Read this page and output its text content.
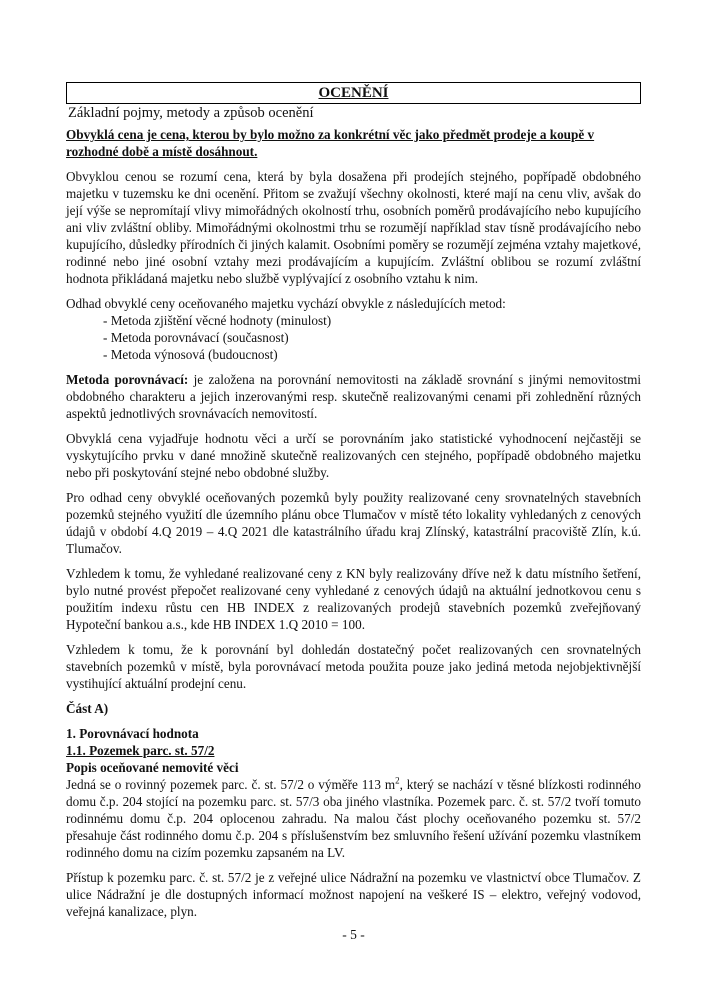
OCENĚNÍ
Základní pojmy, metody a způsob ocenění
Obvyklá cena je cena, kterou by bylo možno za konkrétní věc jako předmět prodeje a koupě v rozhodné době a místě dosáhnout.

Obvyklou cenou se rozumí cena, která by byla dosažena při prodejích stejného, popřípadě obdobného majetku v tuzemsku ke dni ocenění. Přitom se zvažují všechny okolnosti, které mají na cenu vliv, avšak do její výše se nepromítají vlivy mimořádných okolností trhu, osobních poměrů prodávajícího nebo kupujícího ani vliv zvláštní obliby. Mimořádnými okolnostmi trhu se rozumějí například stav tísně prodávajícího nebo kupujícího, důsledky přírodních či jiných kalamit. Osobními poměry se rozumějí zejména vztahy majetkové, rodinné nebo jiné osobní vztahy mezi prodávajícím a kupujícím. Zvláštní oblibou se rozumí zvláštní hodnota přikládaná majetku nebo službě vyplývající z osobního vztahu k nim.

Odhad obvyklé ceny oceňovaného majetku vychází obvykle z následujících metod:

- Metoda zjištění věcné hodnoty (minulost)
- Metoda porovnávací (současnost)
- Metoda výnosová (budoucnost)

Metoda porovnávací: je založena na porovnání nemovitosti na základě srovnání s jinými nemovitostmi obdobného charakteru a jejich inzerovanými resp. skutečně realizovanými cenami při zohlednění různých aspektů jednotlivých srovnávacích nemovitostí.

Obvyklá cena vyjadřuje hodnotu věci a určí se porovnáním jako statistické vyhodnocení nejčastěji se vyskytujícího prvku v dané množině skutečně realizovaných cen stejného, popřípadě obdobného majetku nebo při poskytování stejné nebo obdobné služby.

Pro odhad ceny obvyklé oceňovaných pozemků byly použity realizované ceny srovnatelných stavebních pozemků stejného využití dle územního plánu obce Tlumačov v místě této lokality vyhledaných z cenových údajů v období 4.Q 2019 – 4.Q 2021 dle katastrálního úřadu kraj Zlínský, katastrální pracoviště Zlín, k.ú. Tlumačov.

Vzhledem k tomu, že vyhledané realizované ceny z KN byly realizovány dříve než k datu místního šetření, bylo nutné provést přepočet realizované ceny vyhledané z cenových údajů na aktuální jednotkovou cenu s použitím indexu růstu cen HB INDEX z realizovaných prodejů stavebních pozemků zveřejňovaný Hypoteční bankou a.s., kde HB INDEX 1.Q 2010 = 100.

Vzhledem k tomu, že k porovnání byl dohledán dostatečný počet realizovaných cen srovnatelných stavebních pozemků v místě, byla porovnávací metoda použita pouze jako jediná metoda nejobjektivnější vystihující aktuální prodejní cenu.

Část A)
1. Porovnávací hodnota
1.1. Pozemek parc. st. 57/2
Popis oceňované nemovité věci

Jedná se o rovinný pozemek parc. č. st. 57/2 o výměře 113 $m^2$, který se nachází v těsné blízkosti rodinného domu č.p. 204 stojící na pozemku parc. st. 57/3 oba jiného vlastníka. Pozemek parc. č. st. 57/2 tvoří tomuto rodinnému domu č.p. 204 oplocenou zahradu. Na malou část plochy oceňovaného pozemku st. 57/2 přesahuje část rodinného domu č.p. 204 s příslušenstvím bez smluvního řešení užívání pozemku vlastníkem rodinného domu na cizím pozemku zapsaném na LV.

Přístup k pozemku parc. č. st. 57/2 je z veřejné ulice Nádražní na pozemku ve vlastnictví obce Tlumačov. Z ulice Nádražní je dle dostupných informací možnost napojení na veškeré IS – elektro, veřejný vodovod, veřejná kanalizace, plyn.

- 5 -
